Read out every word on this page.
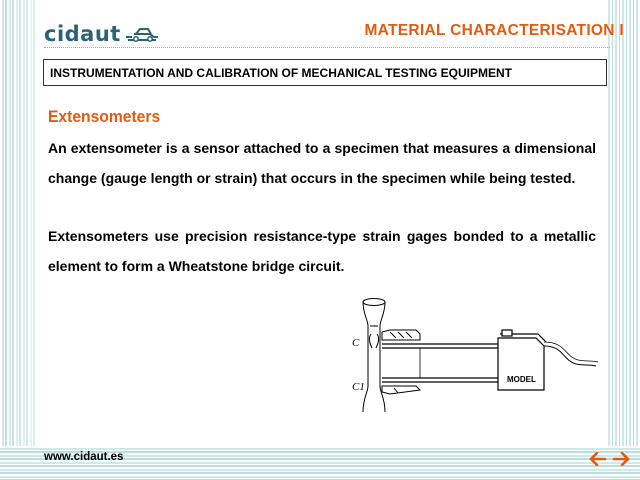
cidaut	MATERIAL CHARACTERISATION I
INSTRUMENTATION AND CALIBRATION OF MECHANICAL TESTING EQUIPMENT
Extensometers
An extensometer is a sensor attached to a specimen that measures a dimensional change (gauge length or strain) that occurs in the specimen while being tested.
Extensometers use precision resistance-type strain gages bonded to a metallic element to form a Wheatstone bridge circuit.
MODEL
C
C1
www.cidaut.es
